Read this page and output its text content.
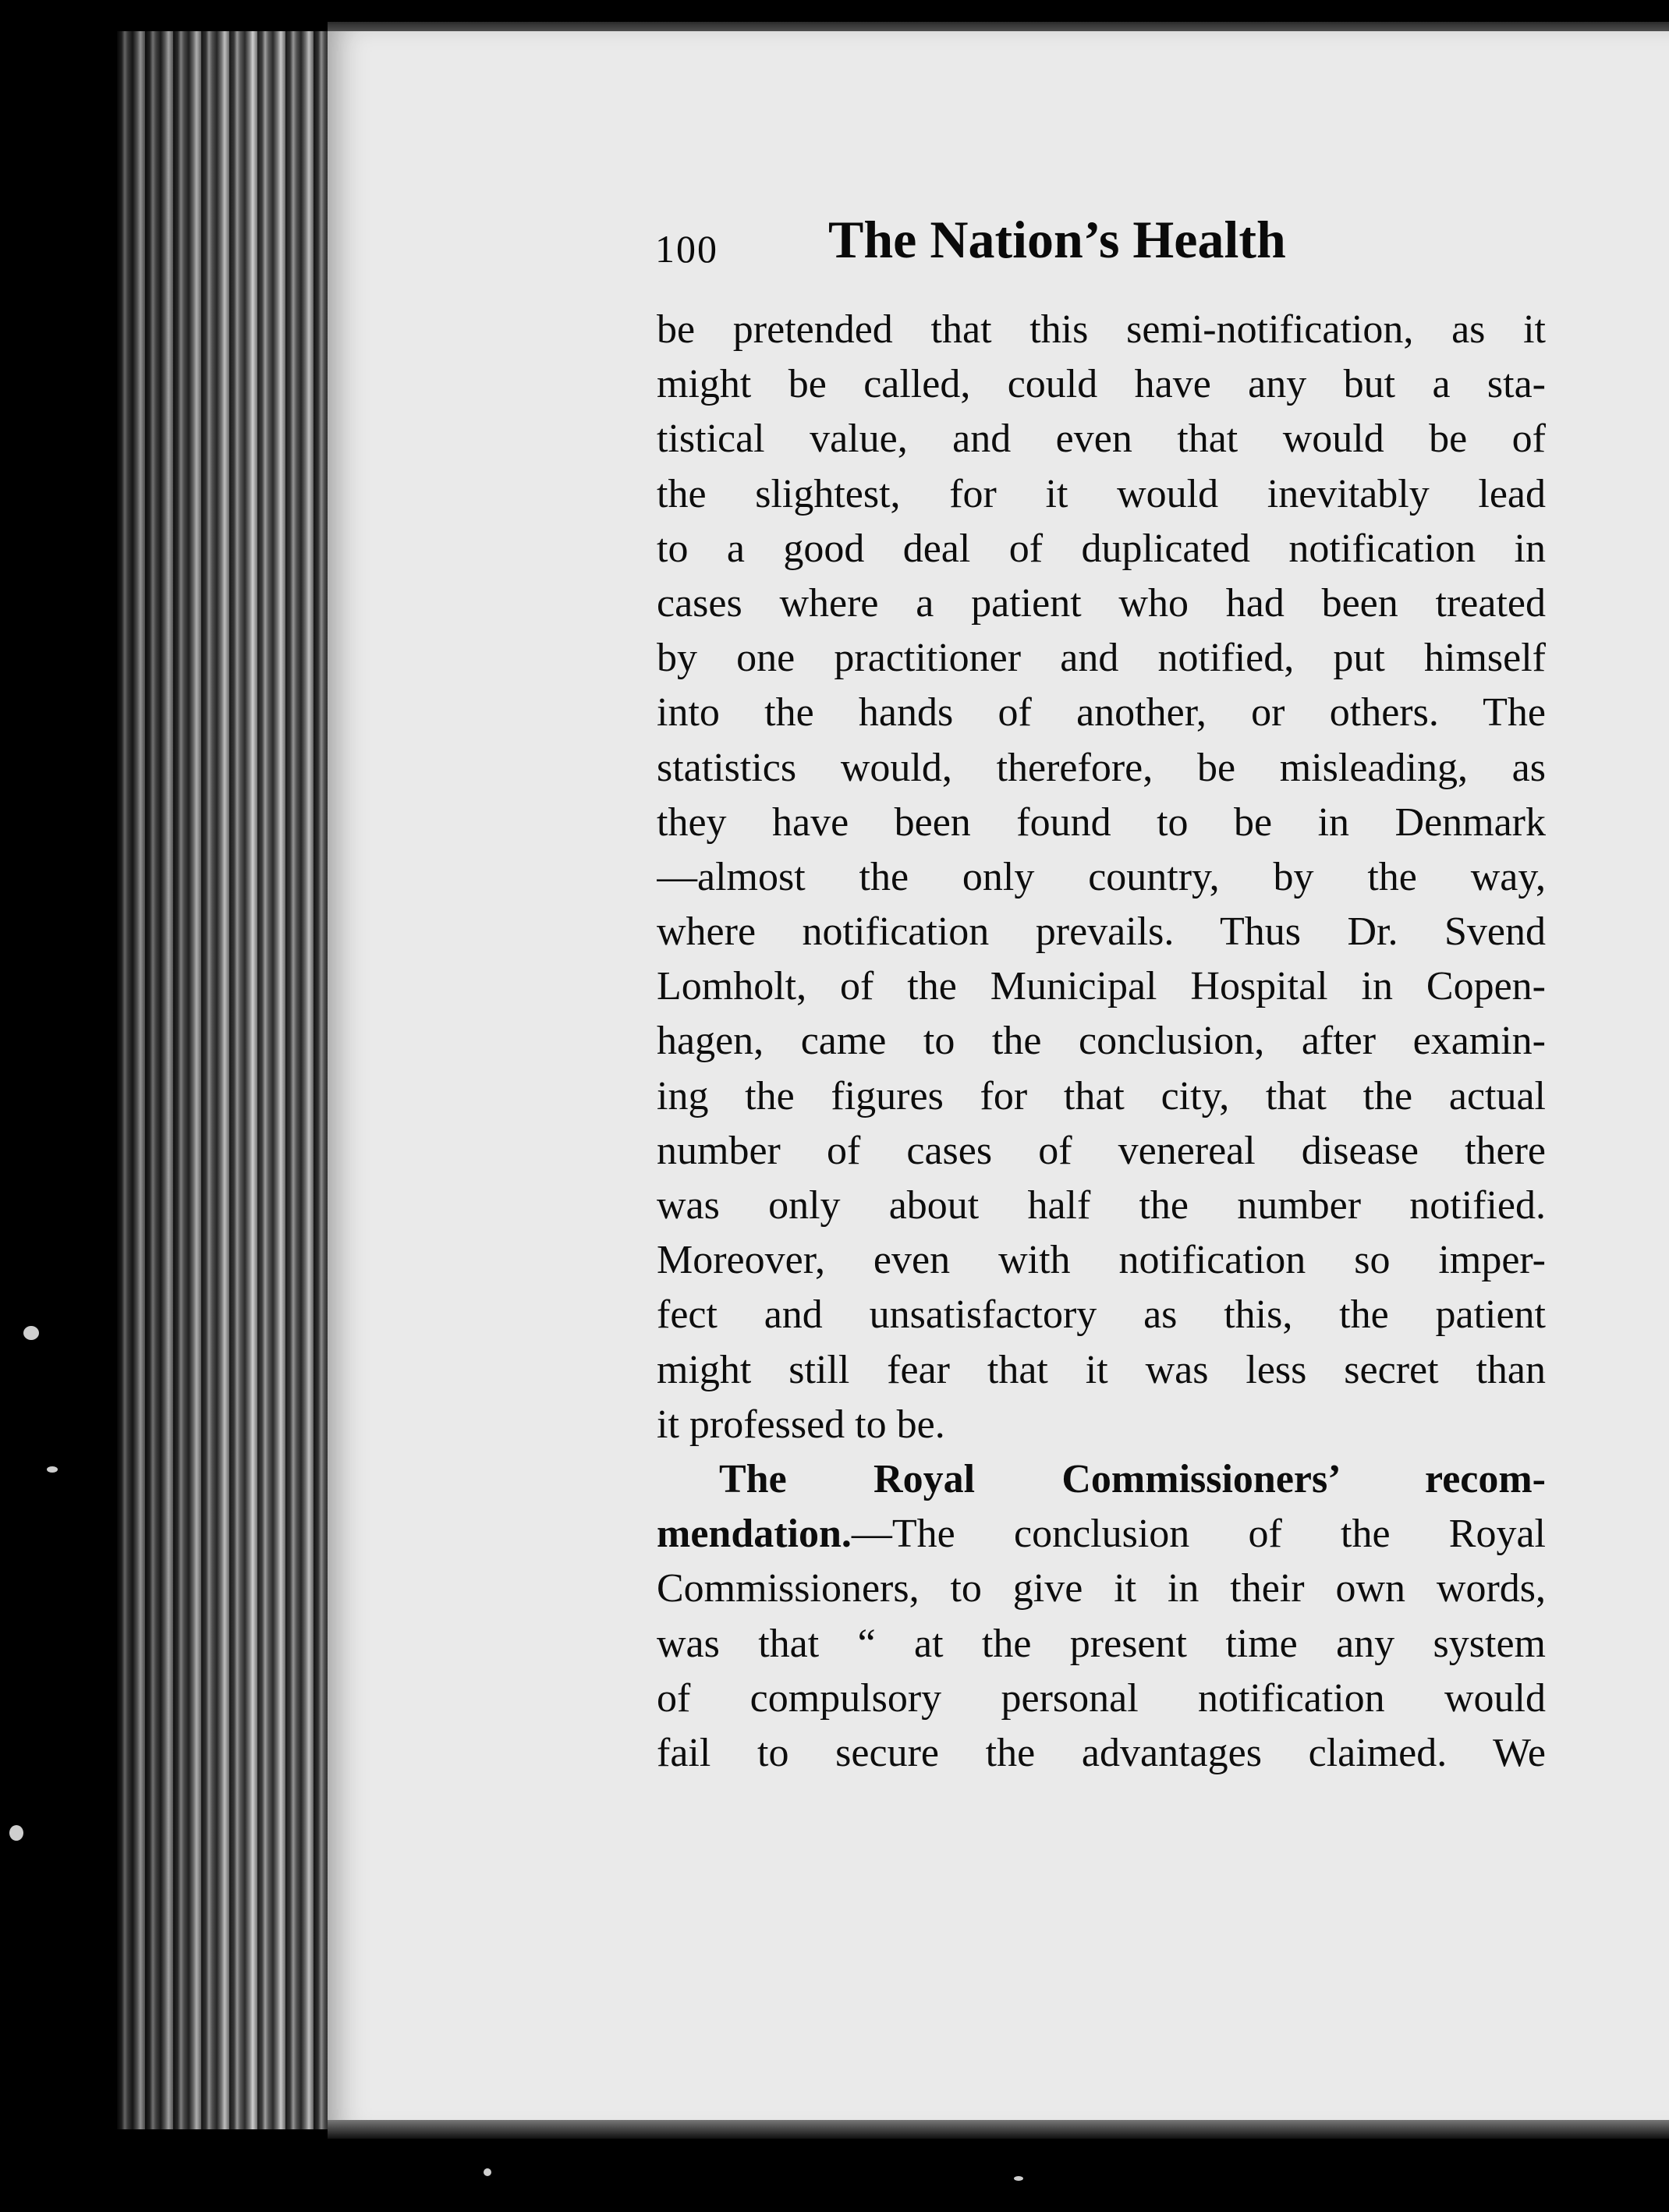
100 The Nation’s Health
be pretended that this semi-notification, as it
might be called, could have any but a sta-
tistical value, and even that would be of
the slightest, for it would inevitably lead
to a good deal of duplicated notification in
cases where a patient who had been treated
by one practitioner and notified, put himself
into the hands of another, or others. The
statistics would, therefore, be misleading, as
they have been found to be in Denmark
—almost the only country, by the way,
where notification prevails. Thus Dr. Svend
Lomholt, of the Municipal Hospital in Copen-
hagen, came to the conclusion, after examin-
ing the figures for that city, that the actual
number of cases of venereal disease there
was only about half the number notified.
Moreover, even with notification so imper-
fect and unsatisfactory as this, the patient
might still fear that it was less secret than
it professed to be.
The Royal Commissioners’ recom-
mendation.—The conclusion of the Royal
Commissioners, to give it in their own words,
was that “ at the present time any system
of compulsory personal notification would
fail to secure the advantages claimed. We
